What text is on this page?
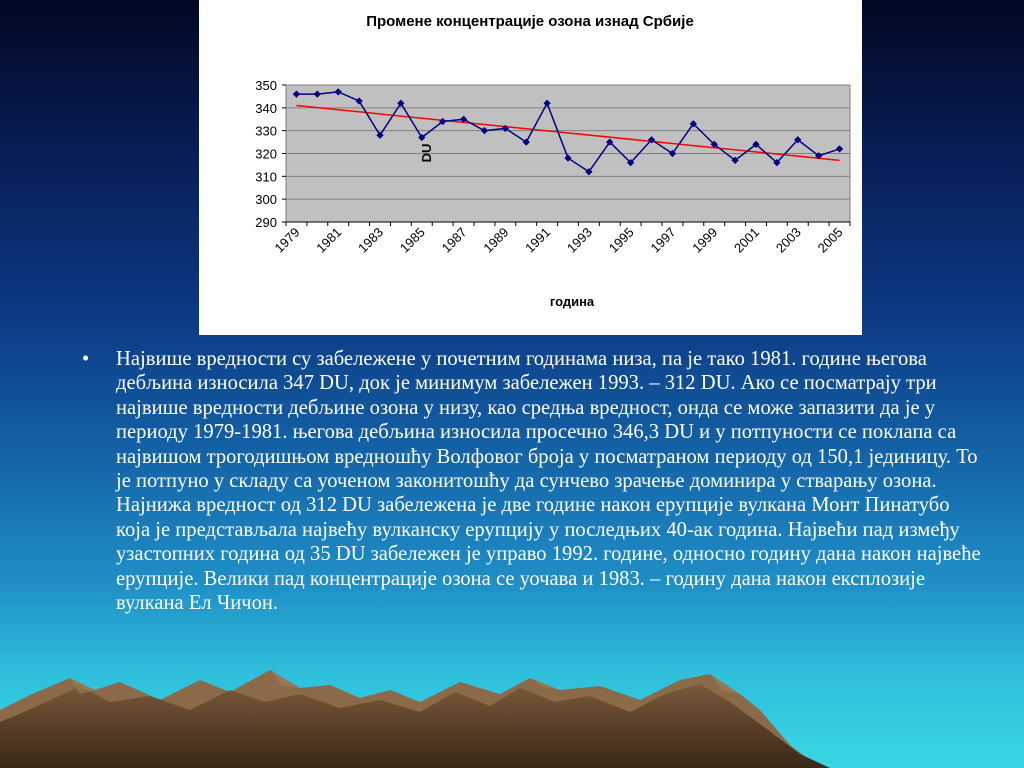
Промене концентрације озона изнад Србије
290
300
310
320
330
340
350
1979 1981 1983 1985 1987 1989 1991 1993 1995 1997 1999 2001 2003 2005
DU
година
•	Највише вредности су забележене у почетним годинама низа, па је тако 1981. године његова дебљина износила 347 DU, док је минимум забележен 1993. – 312 DU. Ако се посматрају три највише вредности дебљине озона у низу, као средња вредност, онда се може запазити да је у периоду 1979-1981. његова дебљина износила просечно 346,3 DU и у потпуности се поклапа са највишом трогодишњом вредношћу Волфовог броја у посматраном периоду од 150,1 јединицу. То је потпуно у складу са уоченом законитошћу да сунчево зрачење доминира у стварању озона. Најнижа вредност од 312 DU забележена је две године након ерупције вулкана Монт Пинатубо која је представљала највећу вулканску ерупцију у последњих 40-ак година. Највећи пад између узастопних година од 35 DU забележен је управо 1992. године, односно годину дана након највеће ерупције. Велики пад концентрације озона се уочава и 1983. – годину дана након експлозије вулкана Ел Чичон.
